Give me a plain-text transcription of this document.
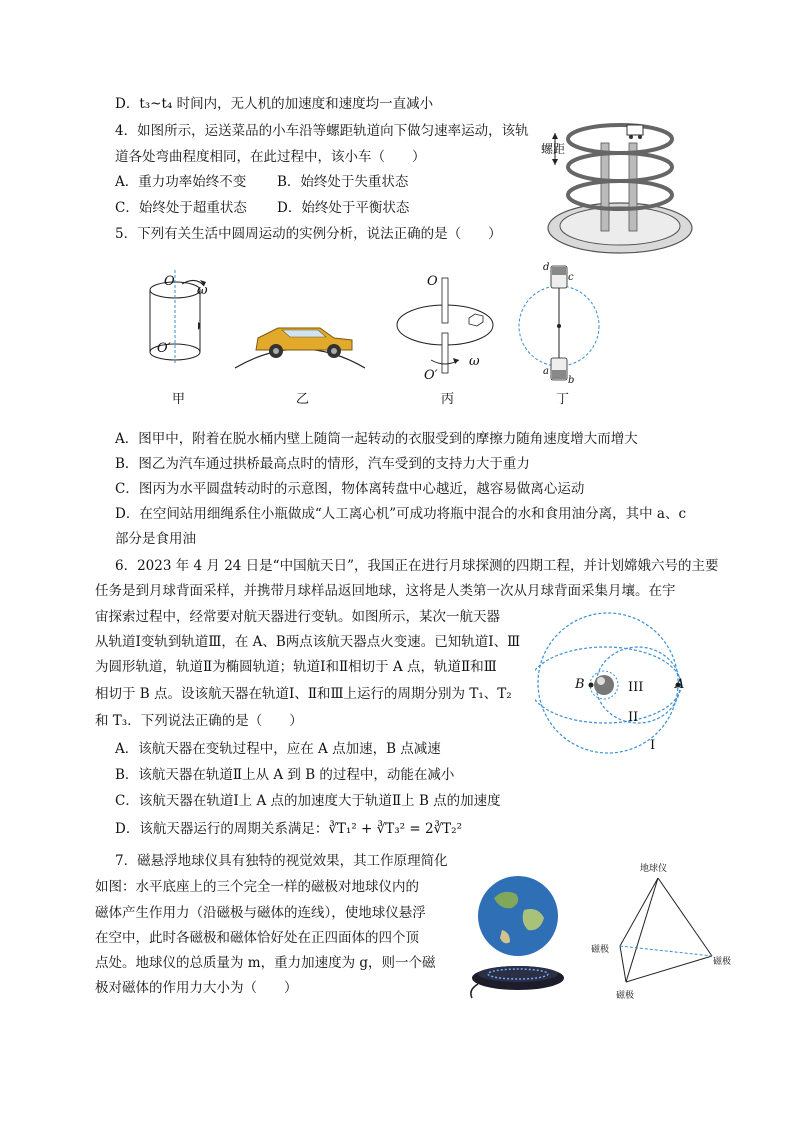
D．t₃~t₄ 时间内，无人机的加速度和速度均一直减小
4．如图所示，运送菜品的小车沿等螺距轨道向下做匀速率运动，该轨
道各处弯曲程度相同，在此过程中，该小车（　　）
A．重力功率始终不变 B．始终处于失重状态
C．始终处于超重状态 D．始终处于平衡状态
螺距
5．下列有关生活中圆周运动的实例分析，说法正确的是（　　）
O
ω
O′
甲	乙
O
ω
O′
丙
d
c
a
b
丁
A．图甲中，附着在脱水桶内壁上随筒一起转动的衣服受到的摩擦力随角速度增大而增大
B．图乙为汽车通过拱桥最高点时的情形，汽车受到的支持力大于重力
C．图丙为水平圆盘转动时的示意图，物体离转盘中心越近，越容易做离心运动
D．在空间站用细绳系住小瓶做成“人工离心机”可成功将瓶中混合的水和食用油分离，其中 a、c
部分是食用油
6．2023 年 4 月 24 日是“中国航天日”，我国正在进行月球探测的四期工程，并计划嫦娥六号的主要
任务是到月球背面采样，并携带月球样品返回地球，这将是人类第一次从月球背面采集月壤。在宇
宙探索过程中，经常要对航天器进行变轨。如图所示，某次一航天器
从轨道Ⅰ变轨到轨道Ⅲ，在 A、B两点该航天器点火变速。已知轨道Ⅰ、Ⅲ
为圆形轨道，轨道Ⅱ为椭圆轨道；轨道Ⅰ和Ⅱ相切于 A 点，轨道Ⅱ和Ⅲ
相切于 B 点。设该航天器在轨道Ⅰ、Ⅱ和Ⅲ上运行的周期分别为 T₁、T₂
和 T₃．下列说法正确的是（　　）
A．该航天器在变轨过程中，应在 A 点加速，B 点减速
B．该航天器在轨道Ⅱ上从 A 到 B 的过程中，动能在减小
C．该航天器在轨道Ⅰ上 A 点的加速度大于轨道Ⅱ上 B 点的加速度
D．该航天器运行的周期关系满足：∛T₁² + ∛T₃² = 2∛T₂²
B	A
III
II
I
7．磁悬浮地球仪具有独特的视觉效果，其工作原理简化
如图：水平底座上的三个完全一样的磁极对地球仪内的
磁体产生作用力（沿磁极与磁体的连线），使地球仪悬浮
在空中，此时各磁极和磁体恰好处在正四面体的四个顶
点处。地球仪的总质量为 m，重力加速度为 g，则一个磁
极对磁体的作用力大小为（　　）
地球仪
磁极
磁极
磁极
